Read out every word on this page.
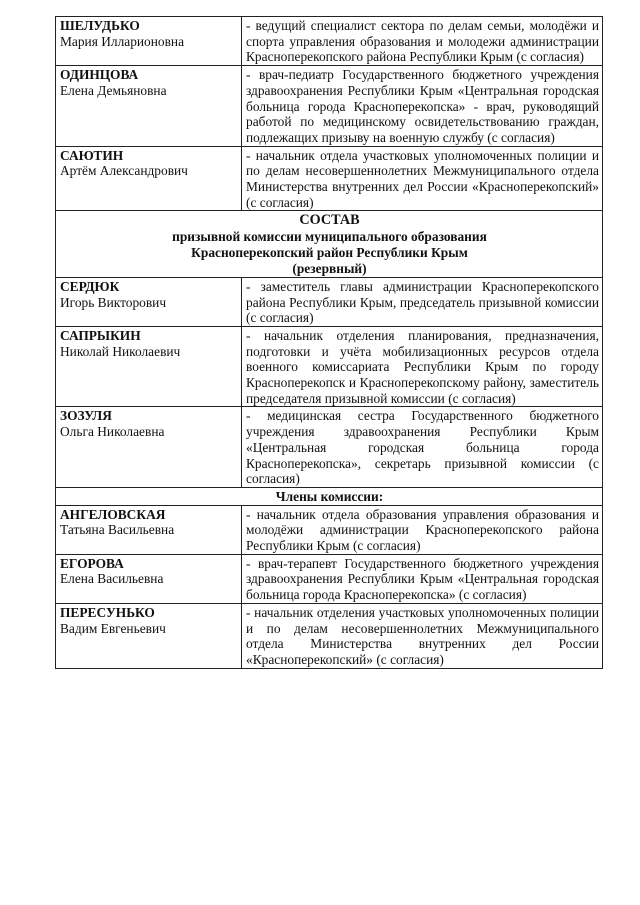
ШЕЛУДЬКО
Мария Илларионовна	- ведущий специалист сектора по делам семьи, молодёжи и спорта управления образования и молодежи администрации Красноперекопского района Республики Крым (с согласия)

ОДИНЦОВА
Елена Демьяновна	- врач-педиатр Государственного бюджетного учреждения здравоохранения Республики Крым «Центральная городская больница города Красноперекопска» - врач, руководящий работой по медицинскому освидетельствованию граждан, подлежащих призыву на военную службу (с согласия)

САЮТИН
Артём Александрович	- начальник отдела участковых уполномоченных полиции и по делам несовершеннолетних Межмуниципального отдела Министерства внутренних дел России «Красноперекопский» (с согласия)

СОСТАВ
призывной комиссии муниципального образования
Красноперекопский район Республики Крым
(резервный)	

СЕРДЮК
Игорь Викторович	- заместитель главы администрации Красноперекопского района Республики Крым, председатель призывной комиссии (с согласия)

САПРЫКИН
Николай Николаевич	- начальник отделения планирования, предназначения, подготовки и учёта мобилизационных ресурсов отдела военного комиссариата Республики Крым по городу Красноперекопск и Красноперекопскому району, заместитель председателя призывной комиссии (с согласия)

ЗОЗУЛЯ
Ольга Николаевна	- медицинская сестра Государственного бюджетного учреждения здравоохранения Республики Крым «Центральная городская больница города Красноперекопска», секретарь призывной комиссии (с согласия)
Члены комиссии:	

АНГЕЛОВСКАЯ
Татьяна Васильевна	- начальник отдела образования управления образования и молодёжи администрации Красноперекопского района Республики Крым (с согласия)

ЕГОРОВА
Елена Васильевна	- врач-терапевт Государственного бюджетного учреждения здравоохранения Республики Крым «Центральная городская больница города Красноперекопска» (с согласия)

ПЕРЕСУНЬКО
Вадим Евгеньевич	- начальник отделения участковых уполномоченных полиции и по делам несовершеннолетних Межмуниципального отдела Министерства внутренних дел России «Красноперекопский» (с согласия)
